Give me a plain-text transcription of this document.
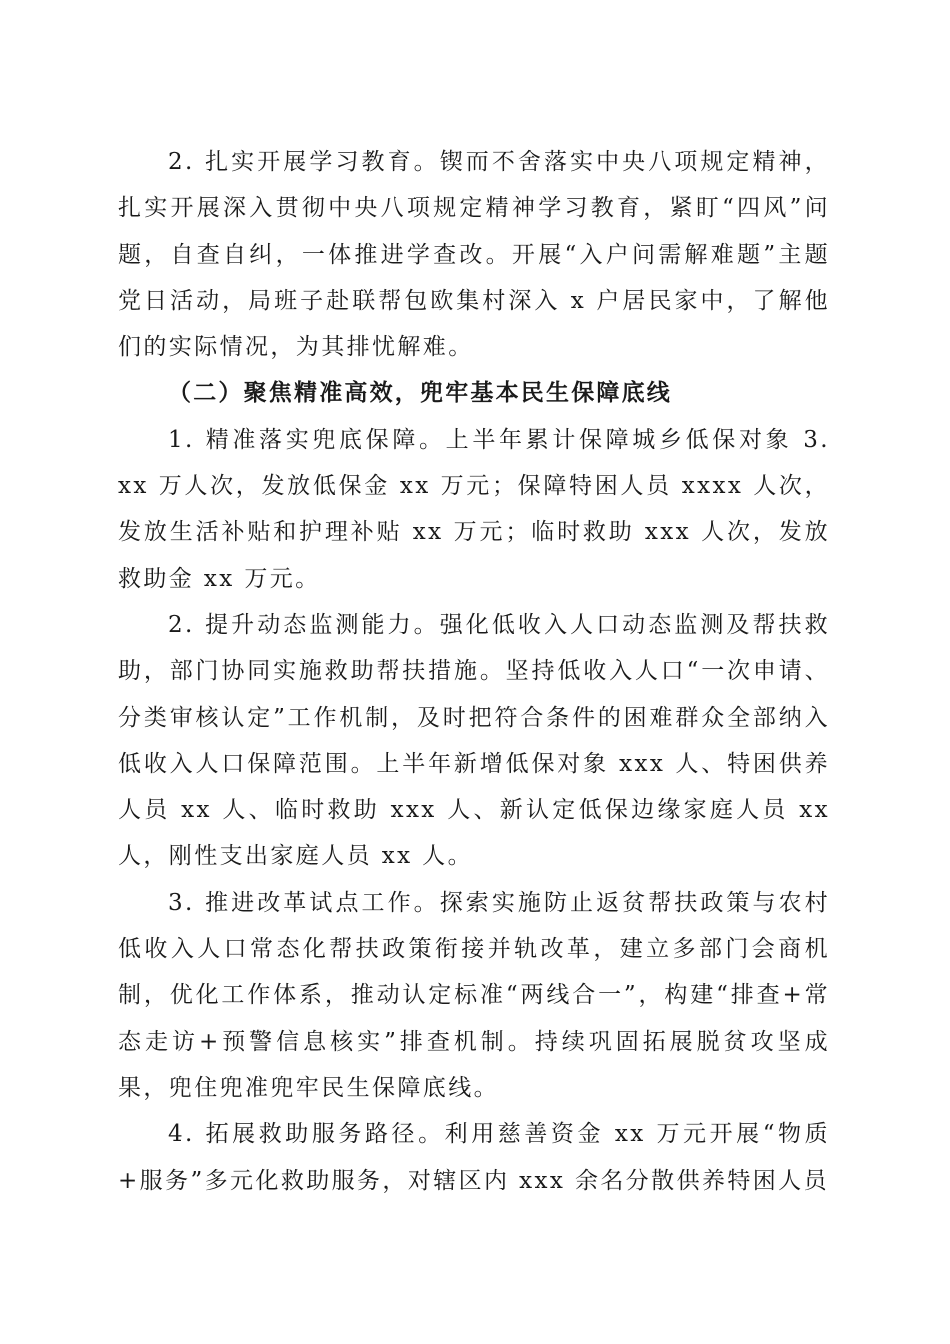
2. 扎实开展学习教育。锲而不舍落实中央八项规定精神，扎实开展深入贯彻中央八项规定精神学习教育，紧盯“四风”问题，自查自纠，一体推进学查改。开展“入户问需解难题”主题党日活动，局班子赴联帮包欧集村深入 x 户居民家中，了解他们的实际情况，为其排忧解难。

（二）聚焦精准高效，兜牢基本民生保障底线

1. 精准落实兜底保障。上半年累计保障城乡低保对象 3. xx 万人次，发放低保金 xx 万元；保障特困人员 xxxx 人次，发放生活补贴和护理补贴 xx 万元；临时救助 xxx 人次，发放救助金 xx 万元。

2. 提升动态监测能力。强化低收入人口动态监测及帮扶救助，部门协同实施救助帮扶措施。坚持低收入人口“一次申请、分类审核认定”工作机制，及时把符合条件的困难群众全部纳入低收入人口保障范围。上半年新增低保对象 xxx 人、特困供养人员 xx 人、临时救助 xxx 人、新认定低保边缘家庭人员 xx 人，刚性支出家庭人员 xx 人。

3. 推进改革试点工作。探索实施防止返贫帮扶政策与农村低收入人口常态化帮扶政策衔接并轨改革，建立多部门会商机制，优化工作体系，推动认定标准“两线合一”，构建“排查+常态走访+预警信息核实”排查机制。持续巩固拓展脱贫攻坚成果，兜住兜准兜牢民生保障底线。

4. 拓展救助服务路径。利用慈善资金 xx 万元开展“物质+服务”多元化救助服务，对辖区内 xxx 余名分散供养特困人员
